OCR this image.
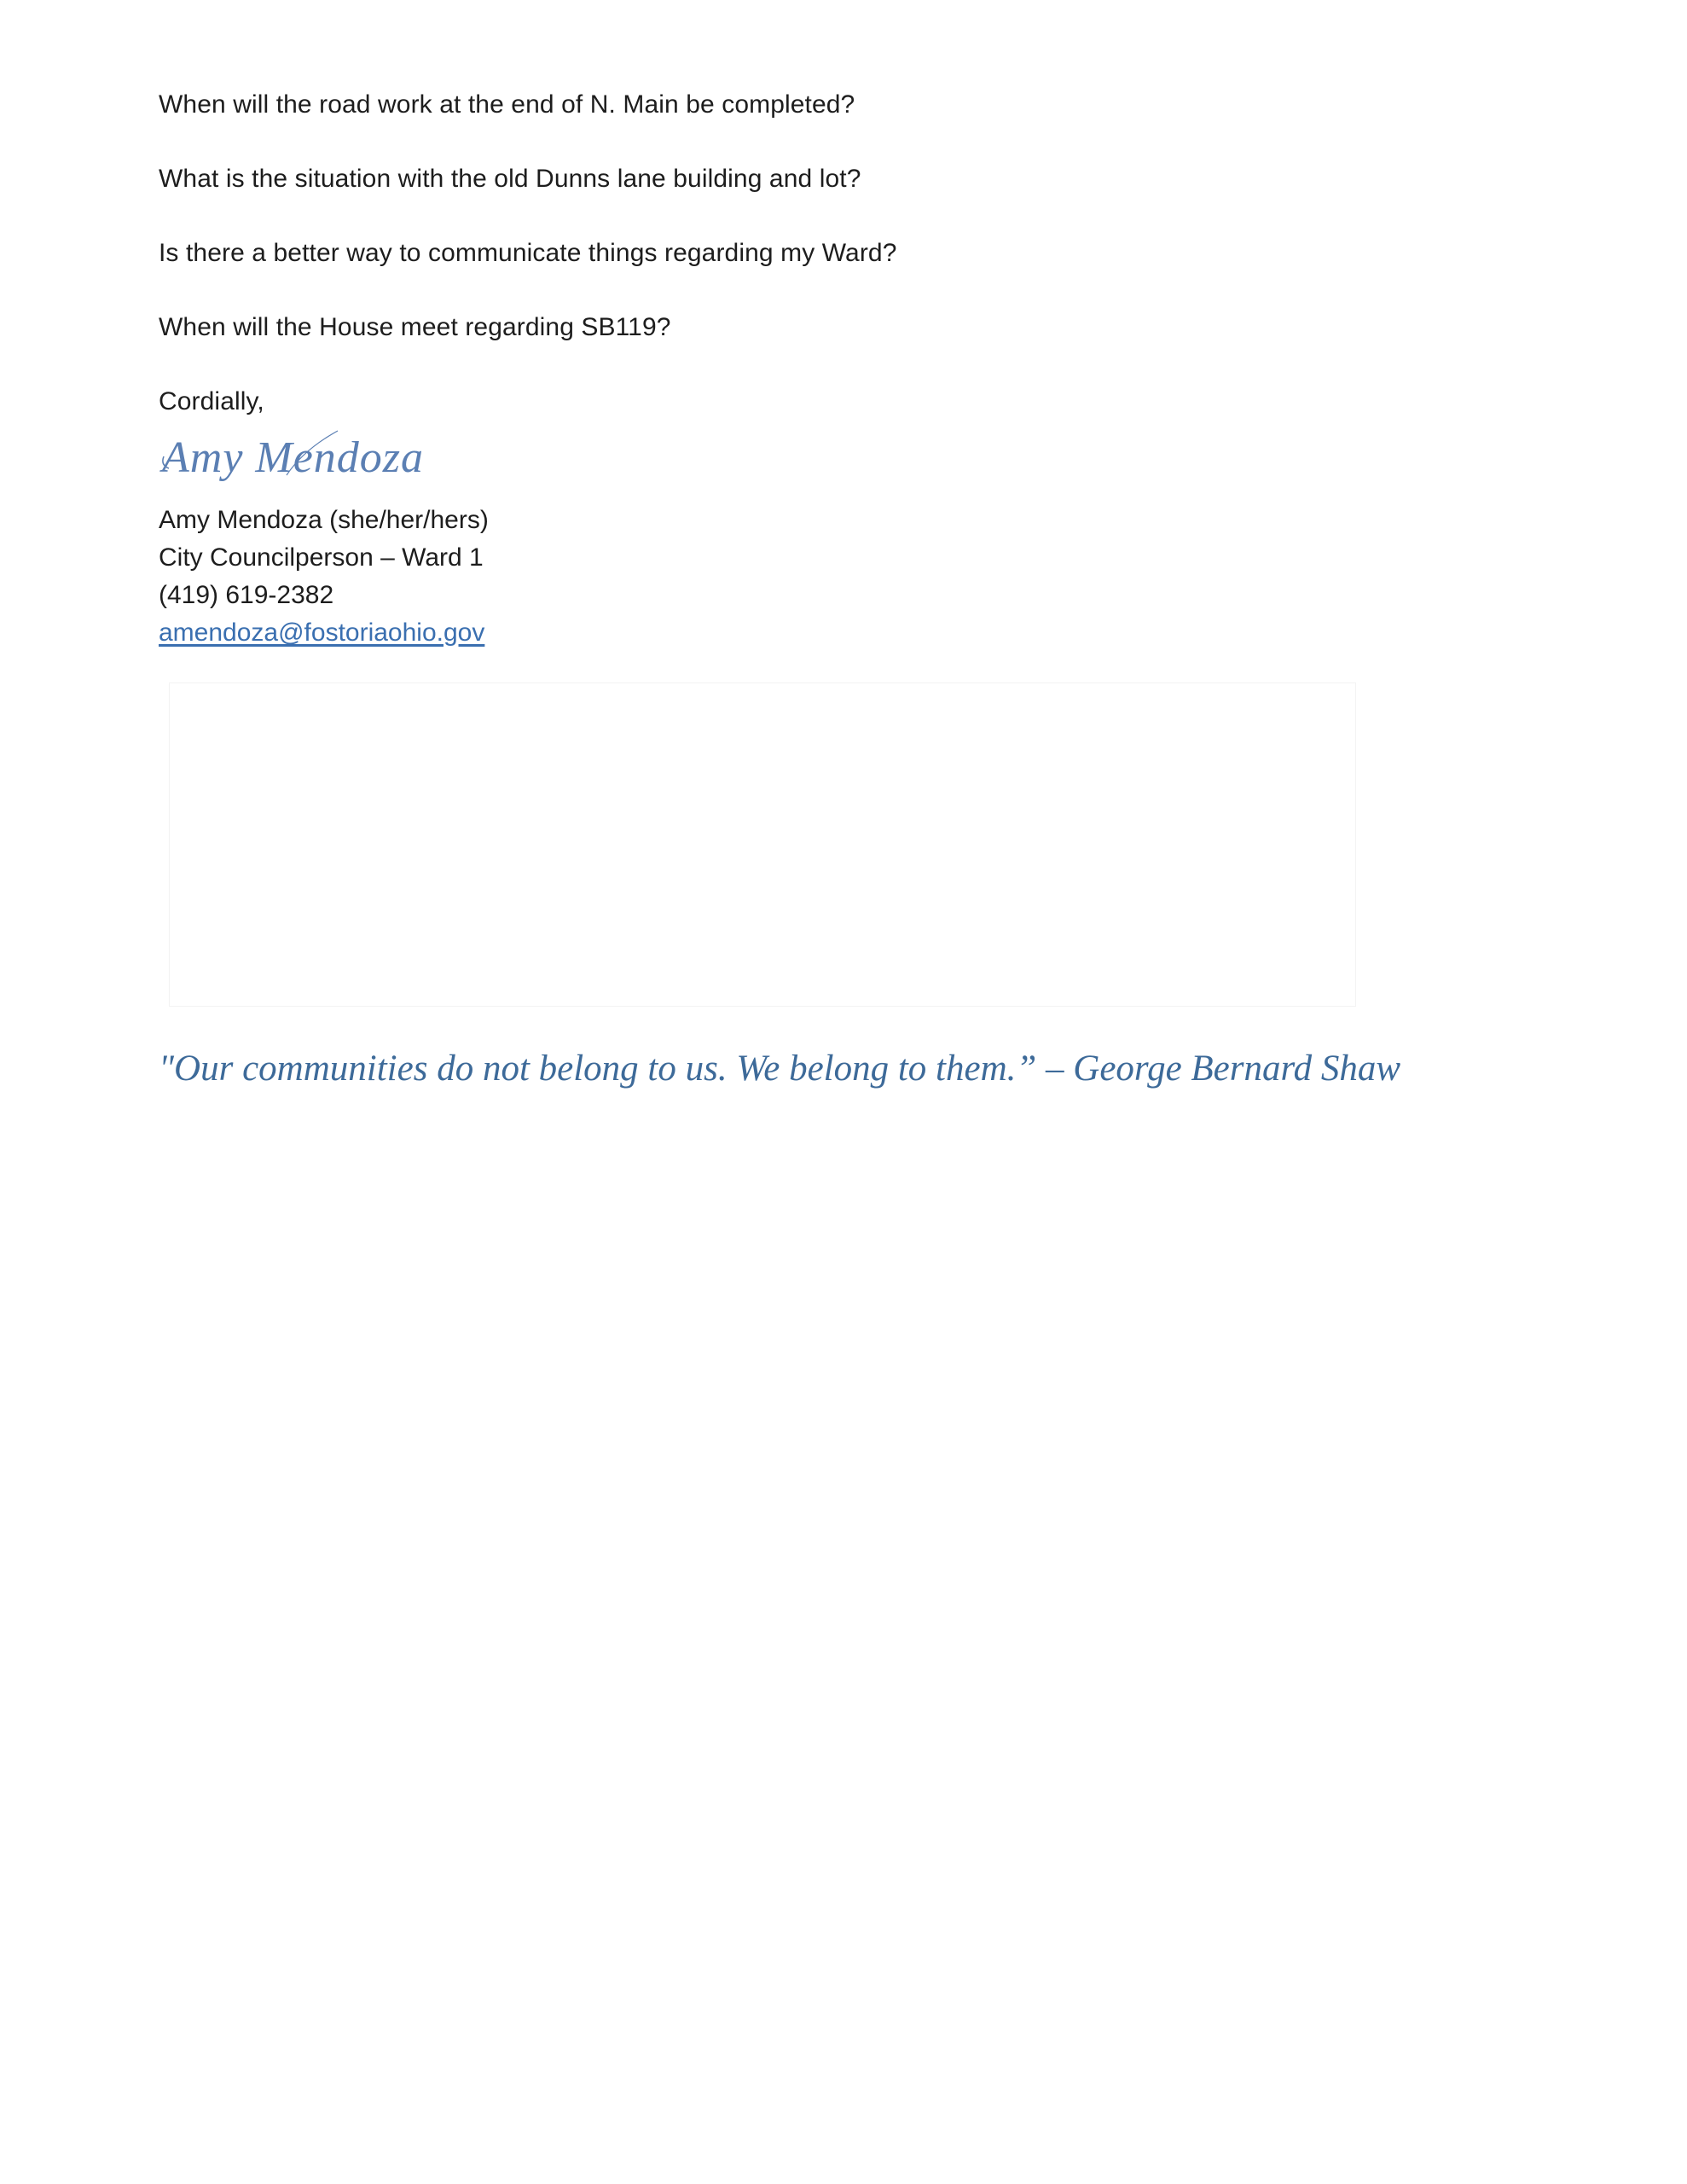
When will the road work at the end of N. Main be completed?
What is the situation with the old Dunns lane building and lot?
Is there a better way to communicate things regarding my Ward?
When will the House meet regarding SB119?
Cordially,
Amy Mendoza
Amy Mendoza (she/her/hers)
City Councilperson – Ward 1
(419) 619-2382
amendoza@fostoriaohio.gov
"Our communities do not belong to us. We belong to them.” – George Bernard Shaw
